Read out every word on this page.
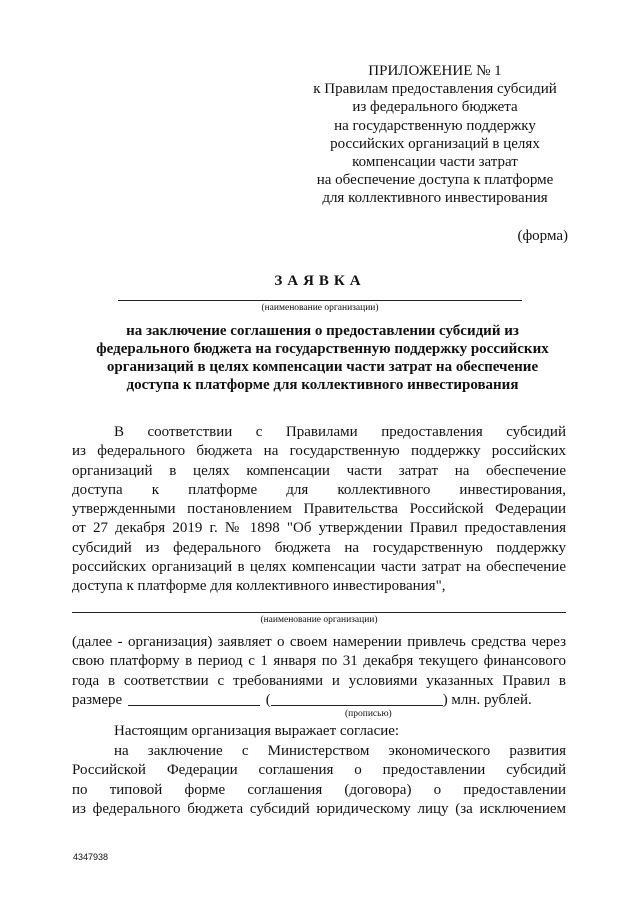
ПРИЛОЖЕНИЕ № 1
к Правилам предоставления субсидий
из федерального бюджета
на государственную поддержку
российских организаций в целях
компенсации части затрат
на обеспечение доступа к платформе
для коллективного инвестирования
(форма)
ЗАЯВКА
(наименование организации)
на заключение соглашения о предоставлении субсидий из
федерального бюджета на государственную поддержку российских
организаций в целях компенсации части затрат на обеспечение
доступа к платформе для коллективного инвестирования
В соответствии с Правилами предоставления субсидий
из федерального бюджета на государственную поддержку российских
организаций в целях компенсации части затрат на обеспечение
доступа к платформе для коллективного инвестирования,
утвержденными постановлением Правительства Российской Федерации
от 27 декабря 2019 г. № 1898 "Об утверждении Правил предоставления
субсидий из федерального бюджета на государственную поддержку
российских организаций в целях компенсации части затрат на обеспечение
доступа к платформе для коллективного инвестирования",
(наименование организации)
(далее - организация) заявляет о своем намерении привлечь средства через
свою платформу в период с 1 января по 31 декабря текущего финансового
года в соответствии с требованиями и условиями указанных Правил в
размере	(	) млн. рублей.
(прописью)
Настоящим организация выражает согласие:
на заключение с Министерством экономического развития
Российской Федерации соглашения о предоставлении субсидий
по типовой форме соглашения (договора) о предоставлении
из федерального бюджета субсидий юридическому лицу (за исключением
4347938
